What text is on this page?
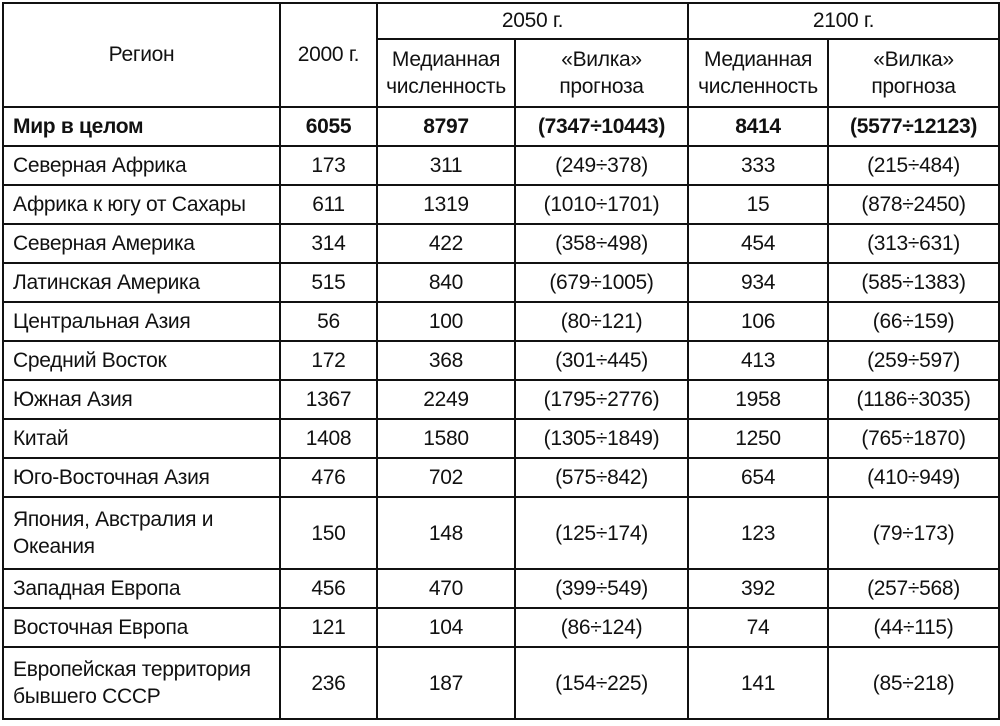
Регион	2000 г.	2050 г.		2100 г.	
		Медианная численность	«Вилка» прогноза	Медианная численность	«Вилка» прогноза
Мир в целом	6055	8797	(7347÷10443)	8414	(5577÷12123)
Северная Африка	173	311	(249÷378)	333	(215÷484)
Африка к югу от Сахары	611	1319	(1010÷1701)	15	(878÷2450)
Северная Америка	314	422	(358÷498)	454	(313÷631)
Латинская Америка	515	840	(679÷1005)	934	(585÷1383)
Центральная Азия	56	100	(80÷121)	106	(66÷159)
Средний Восток	172	368	(301÷445)	413	(259÷597)
Южная Азия	1367	2249	(1795÷2776)	1958	(1186÷3035)
Китай	1408	1580	(1305÷1849)	1250	(765÷1870)
Юго-Восточная Азия	476	702	(575÷842)	654	(410÷949)
Япония, Австралия и Океания	150	148	(125÷174)	123	(79÷173)
Западная Европа	456	470	(399÷549)	392	(257÷568)
Восточная Европа	121	104	(86÷124)	74	(44÷115)
Европейская территория бывшего СССР	236	187	(154÷225)	141	(85÷218)
